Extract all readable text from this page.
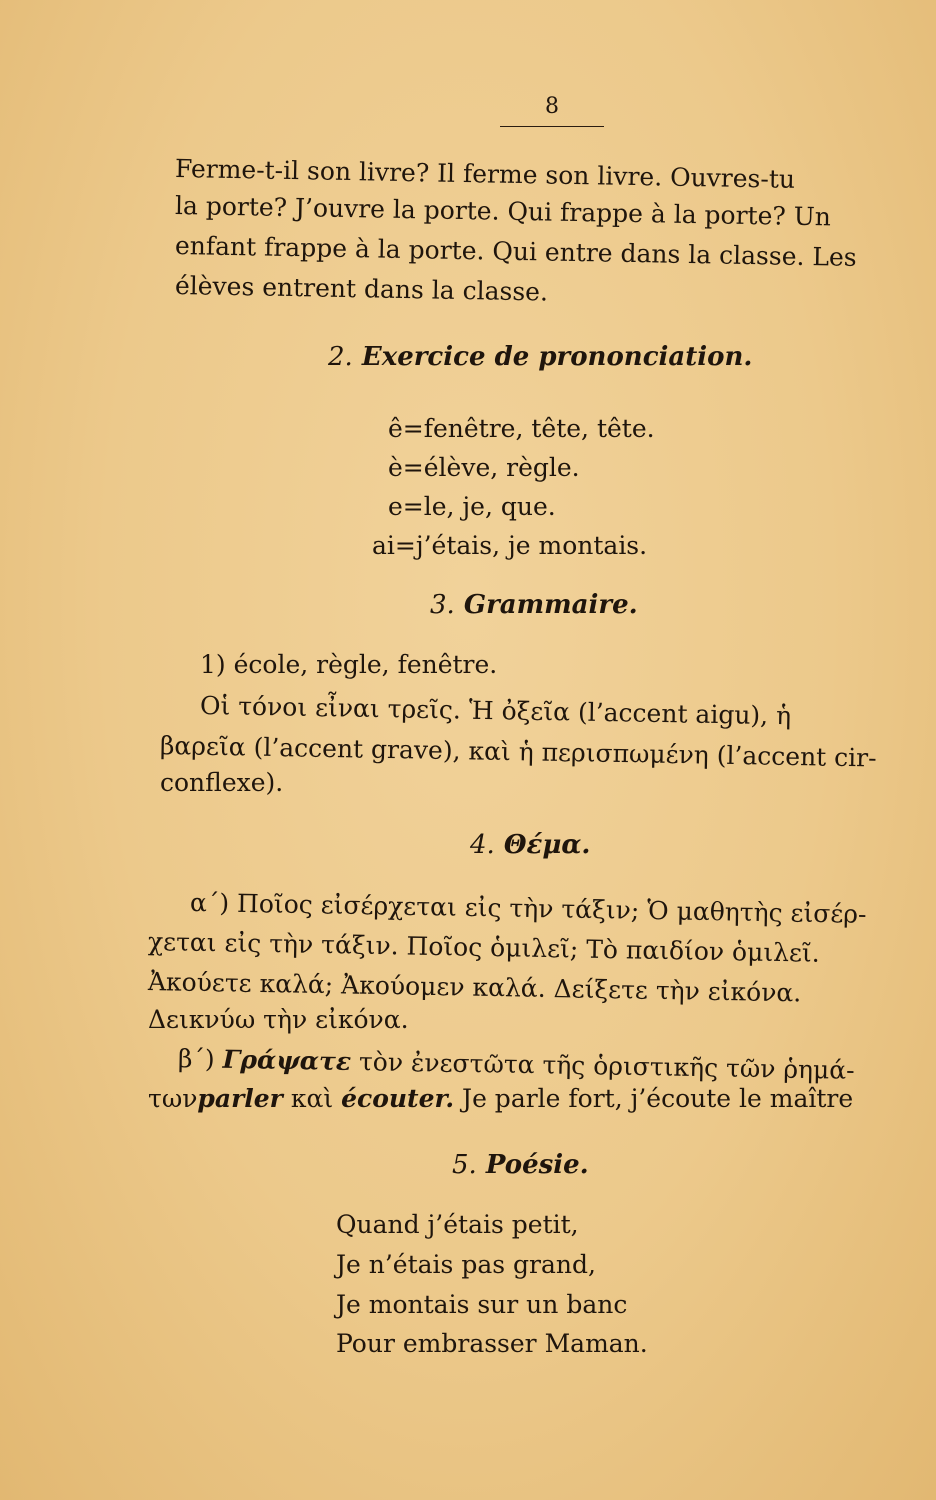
8
Ferme-t-il son livre? Il ferme son livre. Ouvres-tu
la porte? J’ouvre la porte. Qui frappe à la porte? Un
enfant frappe à la porte. Qui entre dans la classe. Les
élèves entrent dans la classe.
2. Exercice de prononciation.
ê=fenêtre, tête, tête.
è=élève, règle.
e=le, je, que.
ai=j’étais, je montais.
3. Grammaire.
1) école, règle, fenêtre.
Οἱ τόνοι εἶναι τρεῖς. Ἡ ὀξεῖα (l’accent aigu), ἡ
βαρεῖα (l’accent grave), καὶ ἡ περισπωμένη (l’accent cir-
conflexe).
4. Θέμα.
α΄) Ποῖος εἰσέρχεται εἰς τὴν τάξιν; Ὁ μαθητὴς εἰσέρ-
χεται εἰς τὴν τάξιν. Ποῖος ὁμιλεῖ; Τὸ παιδίον ὁμιλεῖ.
Ἀκούετε καλά; Ἀκούομεν καλά. Δείξετε τὴν εἰκόνα.
Δεικνύω τὴν εἰκόνα.
β΄) Γράψατε τὸν ἐνεστῶτα τῆς ὁριστικῆς τῶν ῥημά-
τωνparler καὶ écouter. Je parle fort, j’écoute le maître
5. Poésie.
Quand j’étais petit,
Je n’étais pas grand,
Je montais sur un banc
Pour embrasser Maman.
